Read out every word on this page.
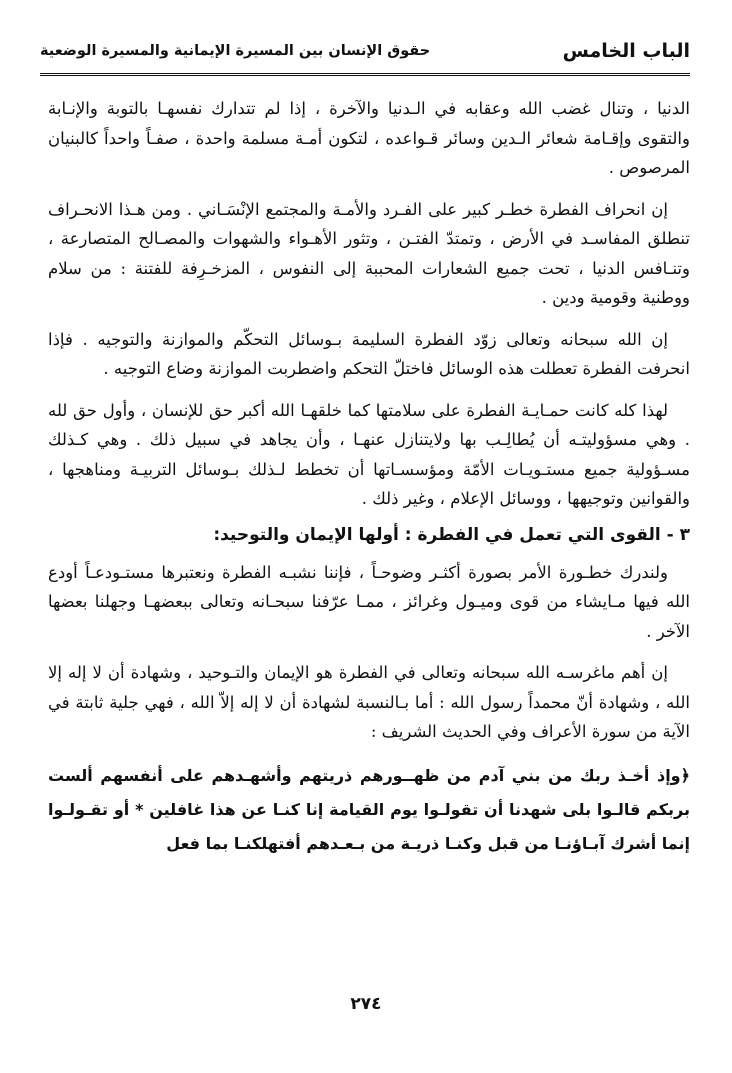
الباب الخامس
حقوق الإنسان بين المسيرة الإيمانية والمسيرة الوضعية

الدنيا ، وتنال غضب الله وعقابه في الـدنيا والآخرة ، إذا لم تتدارك نفسهـا بالتوبة والإنـابة والتقوى وإقـامة شعائر الـدين وسائر قـواعده ، لتكون أمـة مسلمة واحدة ، صفـاً واحداً كالبنيان المرصوص .

إن انحراف الفطرة خطـر كبير على الفـرد والأمـة والمجتمع الإنْسَـاني . ومن هـذا الانحـراف تنطلق المفاسـد في الأرض ، وتمتدّ الفتـن ، وتثور الأهـواء والشهوات والمصـالح المتصارعة ، وتنـافس الدنيا ، تحت جميع الشعارات المحببة إلى النفوس ، المزخـرِفة للفتنة : من سلام ووطنية وقومية ودين .

إن الله سبحانه وتعالى زوّد الفطرة السليمة بـوسائل التحكّم والموازنة والتوجيه . فإذا انحرفت الفطرة تعطلت هذه الوسائل فاختلّ التحكم واضطربت الموازنة وضاع التوجيه .

لهذا كله كانت حمـايـة الفطرة على سلامتها كما خلقهـا الله أكبر حق للإنسان ، وأول حق لله . وهي مسؤوليتـه أن يُطالِـب بها ولايتنازل عنهـا ، وأن يجاهد في سبيل ذلك . وهي كـذلك مسـؤولية جميع مستـويـات الأمّة ومؤسسـاتها أن تخطط لـذلك بـوسائل التربيـة ومناهجها ، والقوانين وتوجيهها ، ووسائل الإعلام ، وغير ذلك .

٣ - القوى التي تعمل في الفطرة : أولها الإيمان والتوحيد:

ولندرك خطـورة الأمر بصورة أكثـر وضوحـاً ، فإننا نشبـه الفطرة ونعتبرها مستـودعـاً أودع الله فيها مـايشاء من قوى وميـول وغرائز ، ممـا عرّفنا سبحـانه وتعالى ببعضهـا وجهلنا بعضها الآخر .

إن أهم ماغرسـه الله سبحانه وتعالى في الفطرة هو الإيمان والتـوحيد ، وشهادة أن لا إله إلا الله ، وشهادة أنّ محمداً رسول الله : أما بـالنسبة لشهادة أن لا إله إلاّ الله ، فهي جلية ثابتة في الآية من سورة الأعراف وفي الحديث الشريف :

﴿وإذ أخـذ ربك من بني آدم من ظهــورهم ذريتهم وأشهـدهم على أنفسهم ألست بربكم قالـوا بلى شهدنا أن تقولـوا يوم القيامة إنا كنـا عن هذا غافلين * أو تقـولـوا إنما أشرك آبـاؤنـا من قبل وكنـا ذريـة من بـعـدهم أفتهلكنـا بما فعل

٢٧٤
